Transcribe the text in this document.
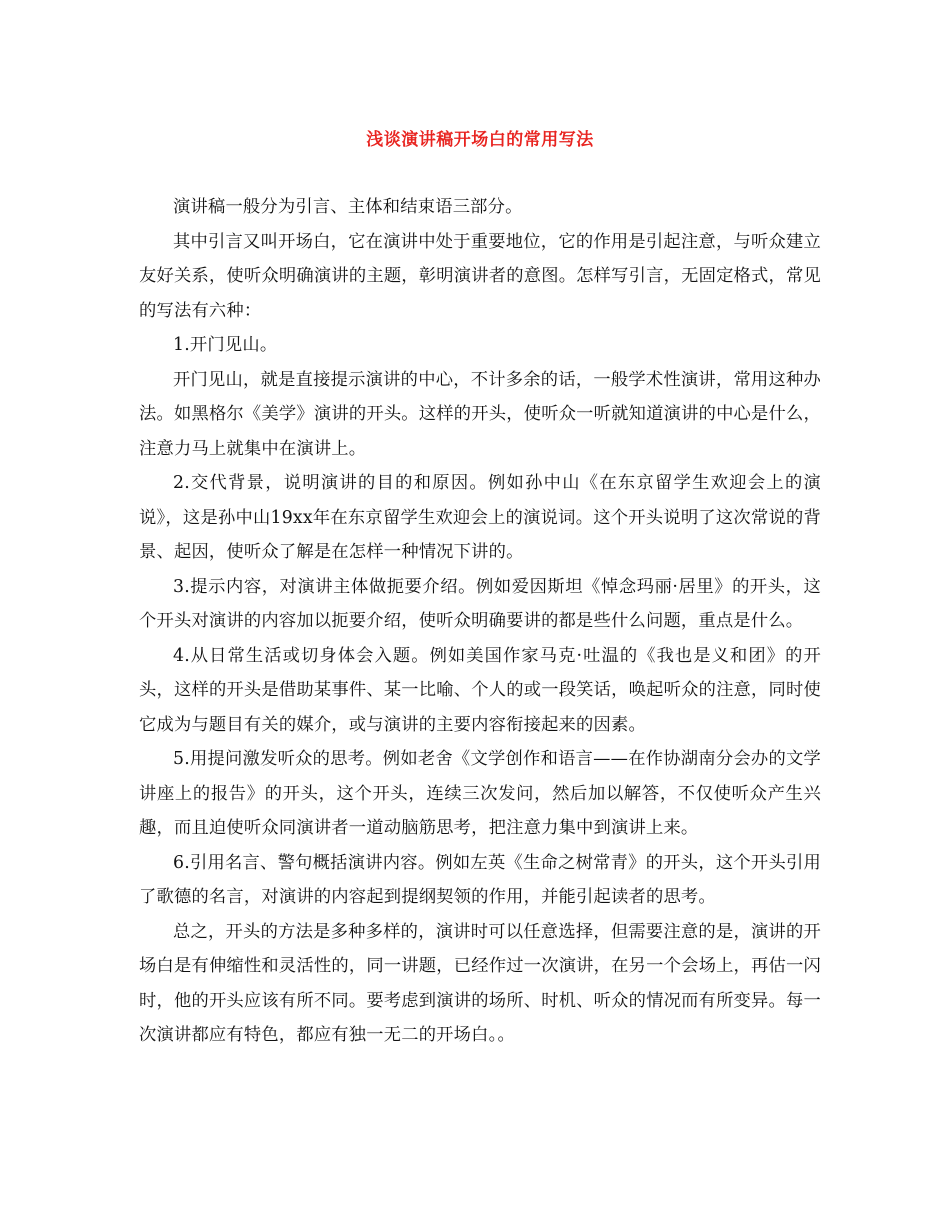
浅谈演讲稿开场白的常用写法

演讲稿一般分为引言、主体和结束语三部分。

其中引言又叫开场白，它在演讲中处于重要地位，它的作用是引起注意，与听众建立友好关系，使听众明确演讲的主题，彰明演讲者的意图。怎样写引言，无固定格式，常见的写法有六种：

1.开门见山。

开门见山，就是直接提示演讲的中心，不计多余的话，一般学术性演讲，常用这种办法。如黑格尔《美学》演讲的开头。这样的开头，使听众一听就知道演讲的中心是什么，注意力马上就集中在演讲上。

2.交代背景，说明演讲的目的和原因。例如孙中山《在东京留学生欢迎会上的演说》，这是孙中山19xx年在东京留学生欢迎会上的演说词。这个开头说明了这次常说的背景、起因，使听众了解是在怎样一种情况下讲的。

3.提示内容，对演讲主体做扼要介绍。例如爱因斯坦《悼念玛丽·居里》的开头，这个开头对演讲的内容加以扼要介绍，使听众明确要讲的都是些什么问题，重点是什么。

4.从日常生活或切身体会入题。例如美国作家马克·吐温的《我也是义和团》的开头，这样的开头是借助某事件、某一比喻、个人的或一段笑话，唤起听众的注意，同时使它成为与题目有关的媒介，或与演讲的主要内容衔接起来的因素。

5.用提问激发听众的思考。例如老舍《文学创作和语言——在作协湖南分会办的文学讲座上的报告》的开头，这个开头，连续三次发问，然后加以解答，不仅使听众产生兴趣，而且迫使听众同演讲者一道动脑筋思考，把注意力集中到演讲上来。

6.引用名言、警句概括演讲内容。例如左英《生命之树常青》的开头，这个开头引用了歌德的名言，对演讲的内容起到提纲契领的作用，并能引起读者的思考。

总之，开头的方法是多种多样的，演讲时可以任意选择，但需要注意的是，演讲的开场白是有伸缩性和灵活性的，同一讲题，已经作过一次演讲，在另一个会场上，再估一闪时，他的开头应该有所不同。要考虑到演讲的场所、时机、听众的情况而有所变异。每一次演讲都应有特色，都应有独一无二的开场白。。
